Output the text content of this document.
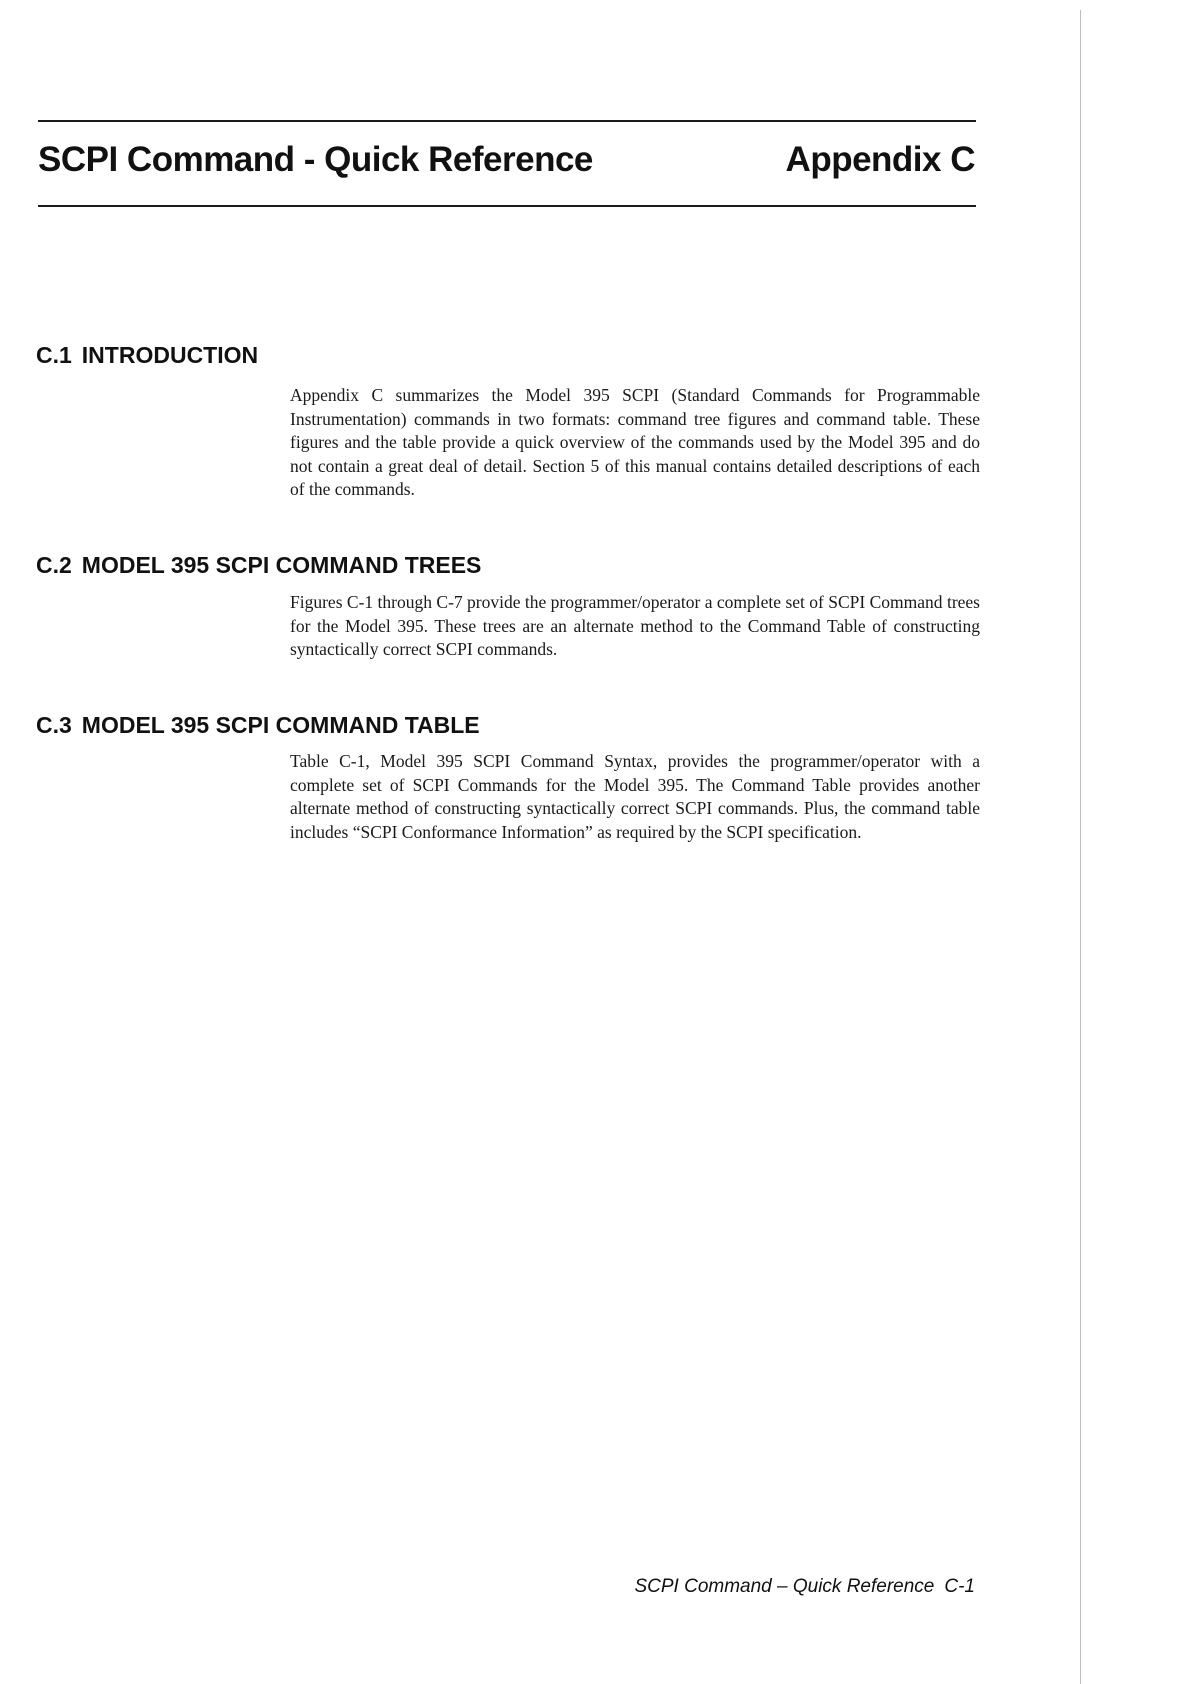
SCPI Command - Quick Reference	Appendix C
C.1 INTRODUCTION

Appendix C summarizes the Model 395 SCPI (Standard Commands for Programmable Instrumentation) commands in two formats: command tree figures and command table. These figures and the table provide a quick overview of the commands used by the Model 395 and do not contain a great deal of detail. Section 5 of this manual contains detailed descriptions of each of the commands.

C.2 MODEL 395 SCPI COMMAND TREES

Figures C-1 through C-7 provide the programmer/operator a complete set of SCPI Command trees for the Model 395. These trees are an alternate method to the Command Table of constructing syntactically correct SCPI commands.

C.3 MODEL 395 SCPI COMMAND TABLE

Table C-1, Model 395 SCPI Command Syntax, provides the programmer/operator with a complete set of SCPI Commands for the Model 395. The Command Table provides another alternate method of constructing syntactically correct SCPI commands. Plus, the command table includes “SCPI Conformance Information” as required by the SCPI specification.

SCPI Command – Quick Reference C-1
